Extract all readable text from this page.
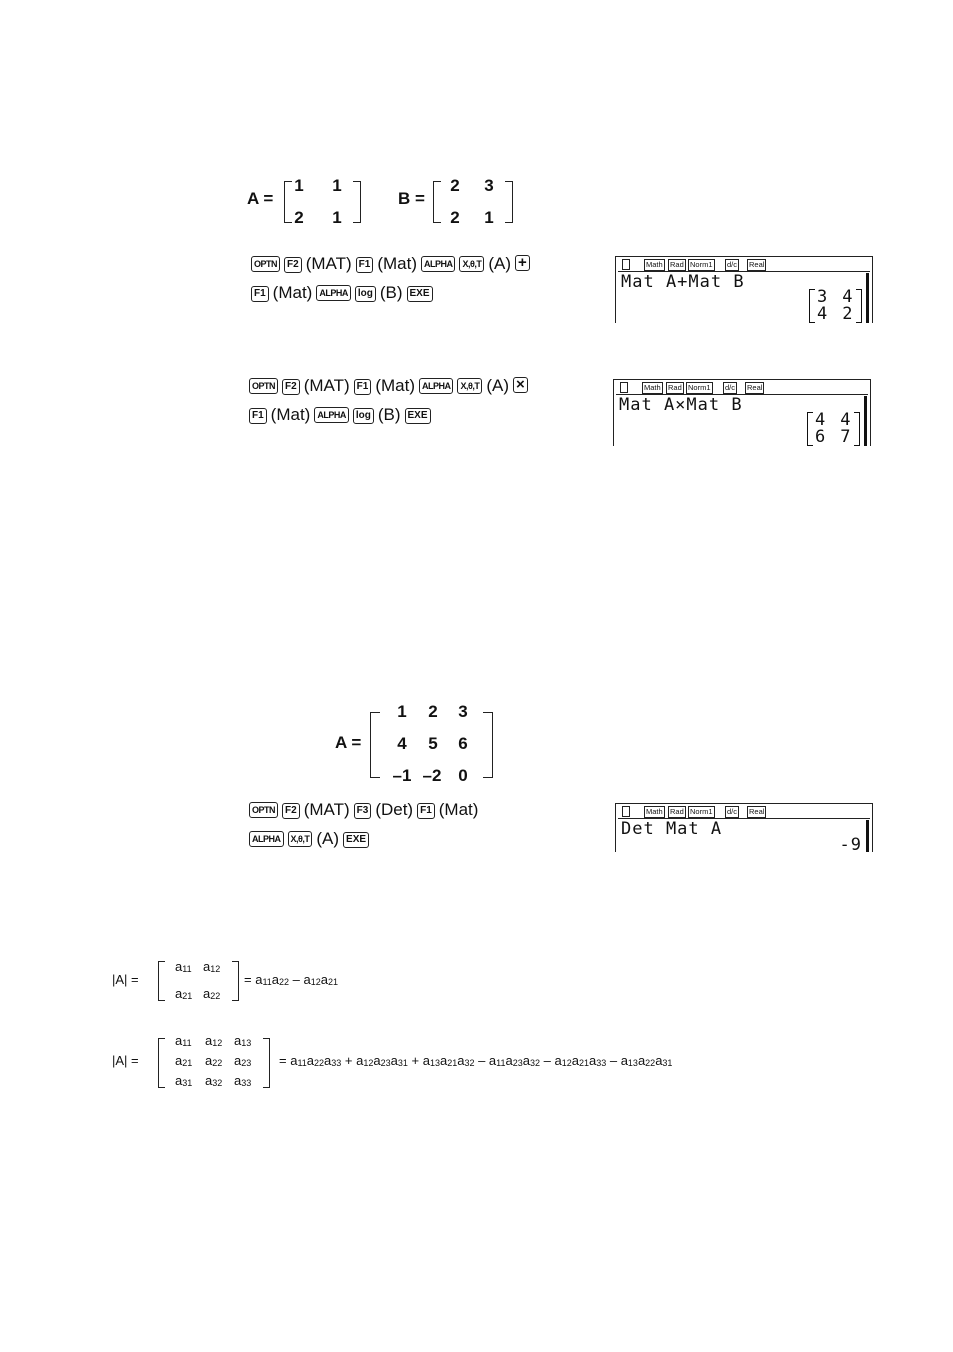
A =
1	1
2	1
B =
2	3
2	1
OPTN F2 (MAT) F1 (Mat) ALPHA X,θ,T (A) +
F1 (Mat) ALPHA log (B) EXE
Math Rad Norm1 d/c Real
Mat A+Mat B
3 4
4 2
OPTN F2 (MAT) F1 (Mat) ALPHA X,θ,T (A) ×
F1 (Mat) ALPHA log (B) EXE
Math Rad Norm1 d/c Real
Mat A×Mat B
4 4
6 7
A =
1	2	3
4	5	6
–1 –2 0
OPTN F2 (MAT) F3 (Det) F1 (Mat)
ALPHA X,θ,T (A) EXE
Math Rad Norm1 d/c Real
Det Mat A
-9
|A| =
$a_{11}$ $a_{12}$
$a_{21}$ $a_{22}$
= $a_{11}a_{22} - a_{12}a_{21}$
|A| =
$a_{11}$ $a_{12}$ $a_{13}$
$a_{21}$ $a_{22}$ $a_{23}$
$a_{31}$ $a_{32}$ $a_{33}$
= $a_{11}a_{22}a_{33} + a_{12}a_{23}a_{31} + a_{13}a_{21}a_{32} - a_{11}a_{23}a_{32} - a_{12}a_{21}a_{33} - a_{13}a_{22}a_{31}$
